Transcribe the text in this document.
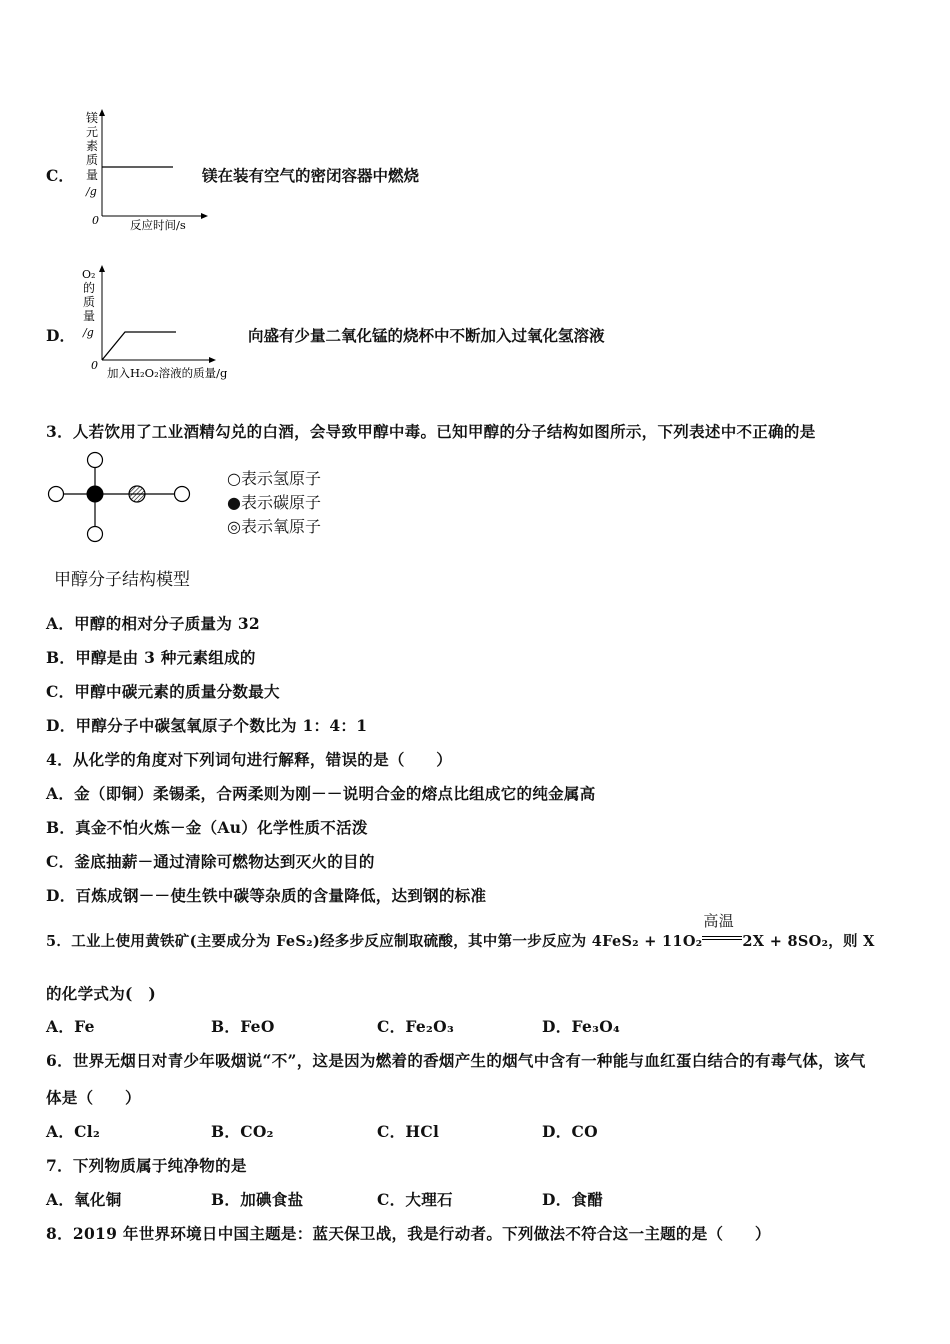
C．
镁
元
素
质
量
/g
0	反应时间/s
镁在装有空气的密闭容器中燃烧
D．
O₂
的
质
量
/g
0
加入H₂O₂溶液的质量/g
向盛有少量二氧化锰的烧杯中不断加入过氧化氢溶液
3．人若饮用了工业酒精勾兑的白酒，会导致甲醇中毒。已知甲醇的分子结构如图所示，下列表述中不正确的是
○表示氢原子
●表示碳原子
◎表示氧原子
甲醇分子结构模型
A．甲醇的相对分子质量为 32
B．甲醇是由 3 种元素组成的
C．甲醇中碳元素的质量分数最大
D．甲醇分子中碳氢氧原子个数比为 1：4：1
4．从化学的角度对下列词句进行解释，错误的是（　　）
A．金（即铜）柔锡柔，合两柔则为刚－－说明合金的熔点比组成它的纯金属高
B．真金不怕火炼－金（Au）化学性质不活泼
C．釜底抽薪－通过清除可燃物达到灭火的目的
D．百炼成钢－－使生铁中碳等杂质的含量降低，达到钢的标准
5．工业上使用黄铁矿(主要成分为 FeS₂)经多步反应制取硫酸，其中第一步反应为 4FeS₂ + 11O₂
高温
2X + 8SO₂，则 X
的化学式为(　)
A．Fe	B．FeO	C．Fe₂O₃	D．Fe₃O₄
6．世界无烟日对青少年吸烟说“不”，这是因为燃着的香烟产生的烟气中含有一种能与血红蛋白结合的有毒气体，该气
体是（　　）
A．Cl₂	B．CO₂	C．HCl	D．CO
7．下列物质属于纯净物的是
A．氧化铜	B．加碘食盐	C．大理石	D．食醋
8．2019 年世界环境日中国主题是：蓝天保卫战，我是行动者。下列做法不符合这一主题的是（　　）
